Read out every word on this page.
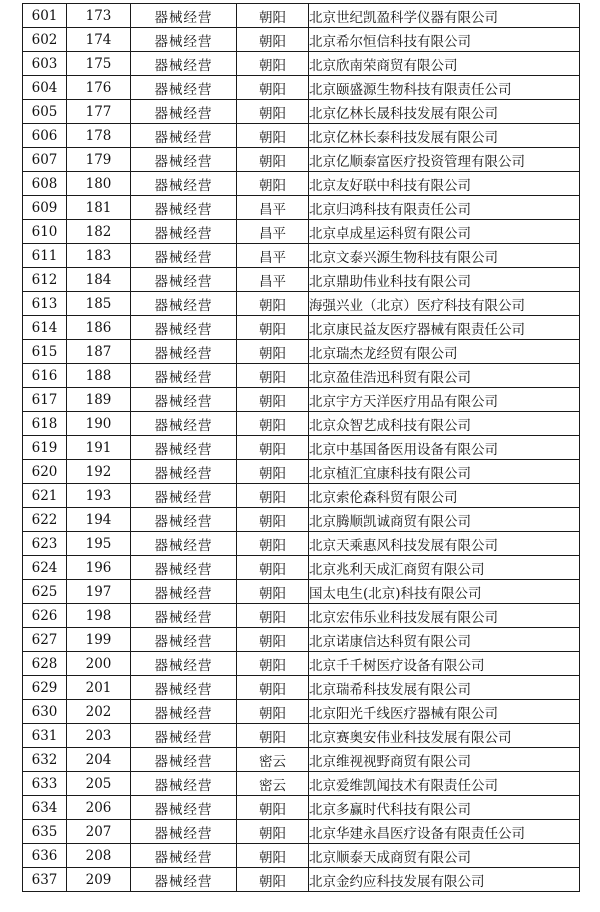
601	173	器械经营	朝阳	北京世纪凯盈科学仪器有限公司
602	174	器械经营	朝阳	北京希尔恒信科技有限公司
603	175	器械经营	朝阳	北京欣南荣商贸有限公司
604	176	器械经营	朝阳	北京颐盛源生物科技有限责任公司
605	177	器械经营	朝阳	北京亿林长晟科技发展有限公司
606	178	器械经营	朝阳	北京亿林长泰科技发展有限公司
607	179	器械经营	朝阳	北京亿顺泰富医疗投资管理有限公司
608	180	器械经营	朝阳	北京友好联中科技有限公司
609	181	器械经营	昌平	北京归鸿科技有限责任公司
610	182	器械经营	昌平	北京卓成星运科贸有限公司
611	183	器械经营	昌平	北京文泰兴源生物科技有限公司
612	184	器械经营	昌平	北京鼎助伟业科技有限公司
613	185	器械经营	朝阳	海强兴业（北京）医疗科技有限公司
614	186	器械经营	朝阳	北京康民益友医疗器械有限责任公司
615	187	器械经营	朝阳	北京瑞杰龙经贸有限公司
616	188	器械经营	朝阳	北京盈佳浩迅科贸有限公司
617	189	器械经营	朝阳	北京宇方天洋医疗用品有限公司
618	190	器械经营	朝阳	北京众智艺成科技有限公司
619	191	器械经营	朝阳	北京中基国备医用设备有限公司
620	192	器械经营	朝阳	北京植汇宜康科技有限公司
621	193	器械经营	朝阳	北京索伦森科贸有限公司
622	194	器械经营	朝阳	北京腾顺凯诚商贸有限公司
623	195	器械经营	朝阳	北京天乘惠风科技发展有限公司
624	196	器械经营	朝阳	北京兆利天成汇商贸有限公司
625	197	器械经营	朝阳	国太电生(北京)科技有限公司
626	198	器械经营	朝阳	北京宏伟乐业科技发展有限公司
627	199	器械经营	朝阳	北京诺康信达科贸有限公司
628	200	器械经营	朝阳	北京千千树医疗设备有限公司
629	201	器械经营	朝阳	北京瑞希科技发展有限公司
630	202	器械经营	朝阳	北京阳光千线医疗器械有限公司
631	203	器械经营	朝阳	北京赛奥安伟业科技发展有限公司
632	204	器械经营	密云	北京维视视野商贸有限公司
633	205	器械经营	密云	北京爱维凯闻技术有限责任公司
634	206	器械经营	朝阳	北京多赢时代科技有限公司
635	207	器械经营	朝阳	北京华建永昌医疗设备有限责任公司
636	208	器械经营	朝阳	北京顺泰天成商贸有限公司
637	209	器械经营	朝阳	北京金约应科技发展有限公司
